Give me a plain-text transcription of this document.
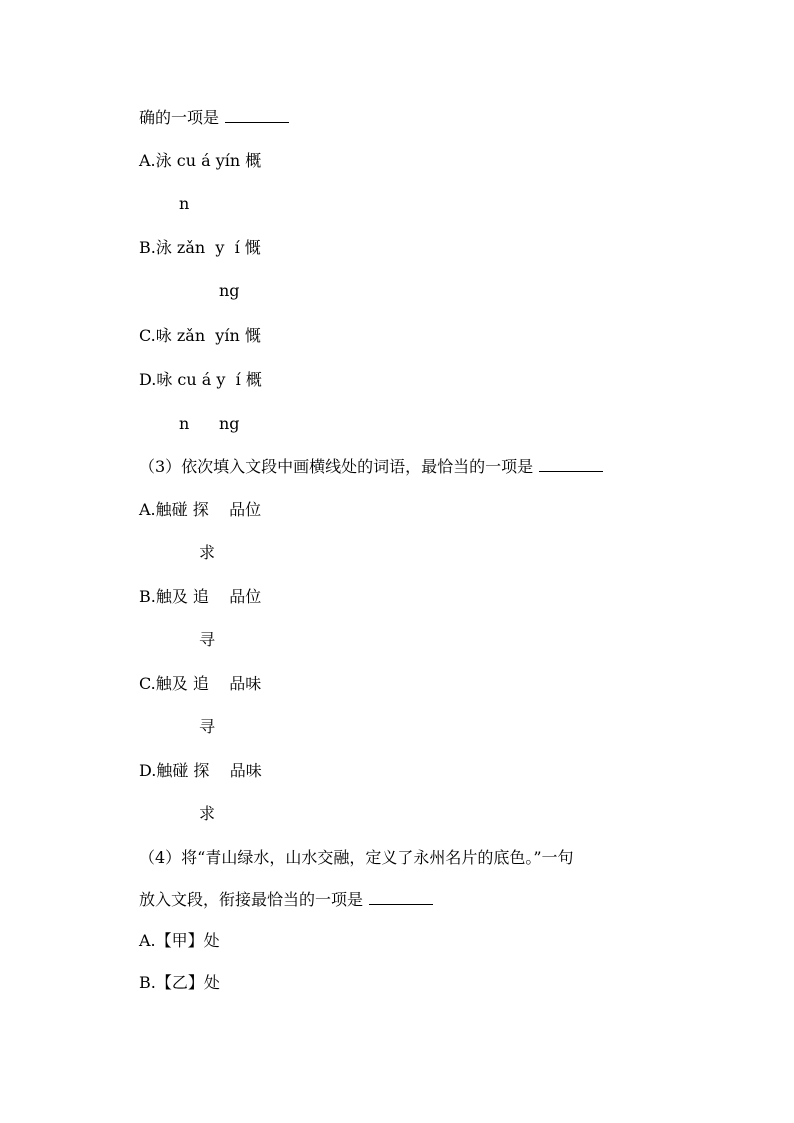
确的一项是
A.泳 cu á yín 概
n
B.泳 zǎn  y  í 慨
ng
C.咏 zǎn  yín 慨
D.咏 cu á y  í 概
n ng
（3）依次填入文段中画横线处的词语，最恰当的一项是
A.触碰 探    品位
求
B.触及 追    品位
寻
C.触及 追    品味
寻
D.触碰 探    品味
求
（4）将“青山绿水，山水交融，定义了永州名片的底色。”一句
放入文段，衔接最恰当的一项是
A.【甲】处
B.【乙】处
